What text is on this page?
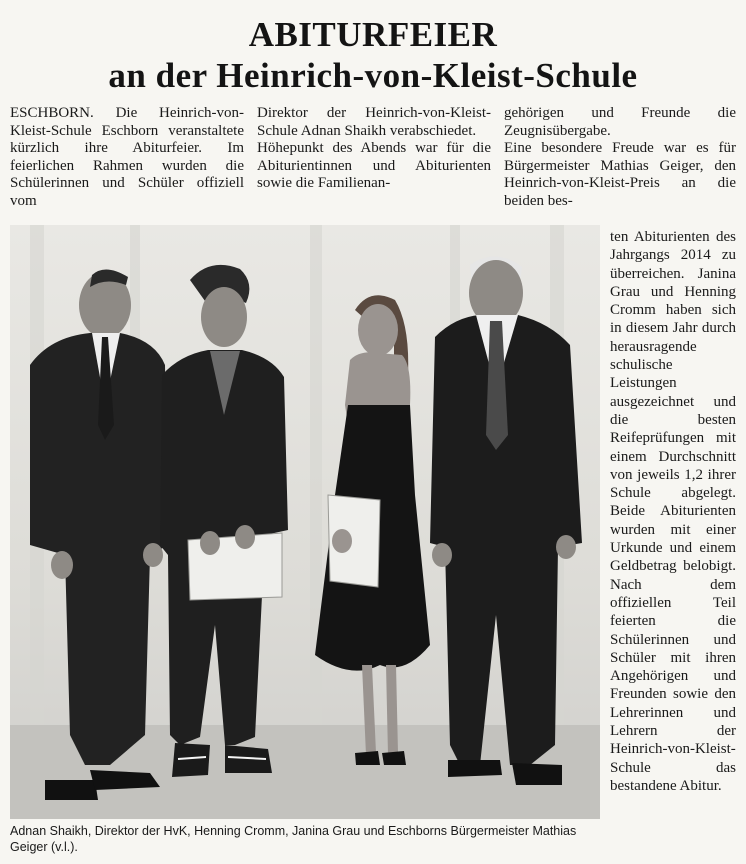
ABITURFEIER
an der Heinrich-von-Kleist-Schule

ESCHBORN. Die Heinrich-von-Kleist-Schule Eschborn veranstaltete kürzlich ihre Abiturfeier. Im feierlichen Rahmen wurden die Schülerinnen und Schüler offiziell vom

Direktor der Heinrich-von-Kleist-Schule Adnan Shaikh verabschiedet.

Höhepunkt des Abends war für die Abiturientinnen und Abiturienten sowie die Familienan-

gehörigen und Freunde die Zeugnisübergabe.

Eine besondere Freude war es für Bürgermeister Mathias Geiger, den Heinrich-von-Kleist-Preis an die beiden bes-

ten Abiturienten des Jahrgangs 2014 zu überreichen. Janina Grau und Henning Cromm haben sich in diesem Jahr durch herausragende schulische Leistungen ausgezeichnet und die besten Reifeprüfungen mit einem Durchschnitt von jeweils 1,2 ihrer Schule abgelegt. Beide Abiturienten wurden mit einer Urkunde und einem Geldbetrag belobigt. Nach dem offiziellen Teil feierten die Schülerinnen und Schüler mit ihren Angehörigen und Freunden sowie den Lehrerinnen und Lehrern der Heinrich-von-Kleist-Schule das bestandene Abitur.

Adnan Shaikh, Direktor der HvK, Henning Cromm, Janina Grau und Eschborns Bürgermeister Mathias Geiger (v.l.).
